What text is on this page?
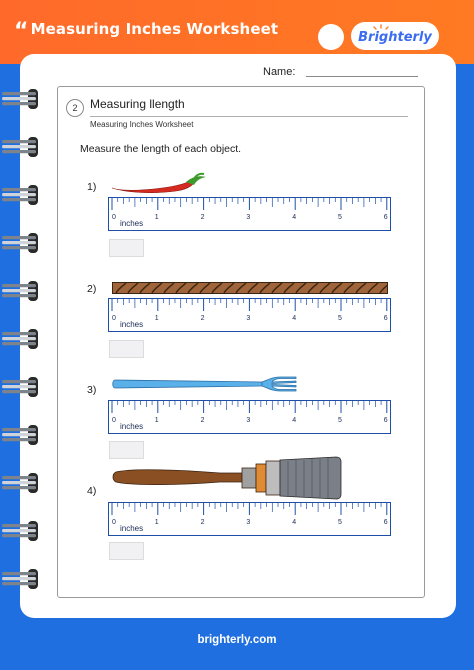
“ Measuring Inches Worksheet	Brighterly
Name:
2	Measuring llength
Measuring Inches Worksheet
Measure the length of each object.
1)
0	1	2	3	4	5	6
inches
2)
0	1	2	3	4	5	6
inches
3)
0	1	2	3	4	5	6
inches
4)
0	1	2	3	4	5	6
inches
brighterly.com
